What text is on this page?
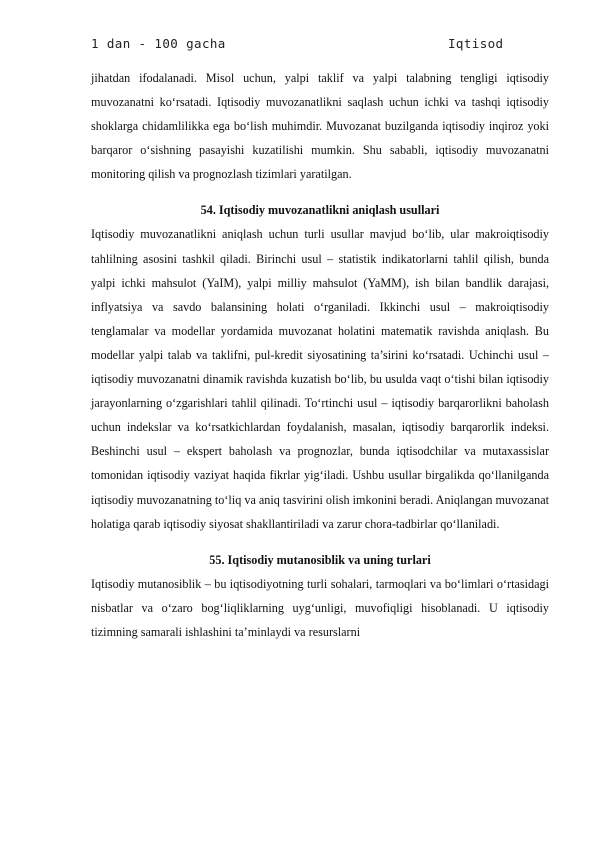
1 dan - 100 gacha	Iqtisod

jihatdan ifodalanadi. Misol uchun, yalpi taklif va yalpi talabning tengligi iqtisodiy muvozanatni ko‘rsatadi. Iqtisodiy muvozanatlikni saqlash uchun ichki va tashqi iqtisodiy shoklarga chidamlilikka ega bo‘lish muhimdir. Muvozanat buzilganda iqtisodiy inqiroz yoki barqaror o‘sishning pasayishi kuzatilishi mumkin. Shu sababli, iqtisodiy muvozanatni monitoring qilish va prognozlash tizimlari yaratilgan.

54. Iqtisodiy muvozanatlikni aniqlash usullari

Iqtisodiy muvozanatlikni aniqlash uchun turli usullar mavjud bo‘lib, ular makroiqtisodiy tahlilning asosini tashkil qiladi. Birinchi usul – statistik indikatorlarni tahlil qilish, bunda yalpi ichki mahsulot (YaIM), yalpi milliy mahsulot (YaMM), ish bilan bandlik darajasi, inflyatsiya va savdo balansining holati o‘rganiladi. Ikkinchi usul – makroiqtisodiy tenglamalar va modellar yordamida muvozanat holatini matematik ravishda aniqlash. Bu modellar yalpi talab va taklifni, pul-kredit siyosatining ta’sirini ko‘rsatadi. Uchinchi usul – iqtisodiy muvozanatni dinamik ravishda kuzatish bo‘lib, bu usulda vaqt o‘tishi bilan iqtisodiy jarayonlarning o‘zgarishlari tahlil qilinadi. To‘rtinchi usul – iqtisodiy barqarorlikni baholash uchun indekslar va ko‘rsatkichlardan foydalanish, masalan, iqtisodiy barqarorlik indeksi. Beshinchi usul – ekspert baholash va prognozlar, bunda iqtisodchilar va mutaxassislar tomonidan iqtisodiy vaziyat haqida fikrlar yig‘iladi. Ushbu usullar birgalikda qo‘llanilganda iqtisodiy muvozanatning to‘liq va aniq tasvirini olish imkonini beradi. Aniqlangan muvozanat holatiga qarab iqtisodiy siyosat shakllantiriladi va zarur chora-tadbirlar qo‘llaniladi.

55. Iqtisodiy mutanosiblik va uning turlari

Iqtisodiy mutanosiblik – bu iqtisodiyotning turli sohalari, tarmoqlari va bo‘limlari o‘rtasidagi nisbatlar va o‘zaro bog‘liqliklarning uyg‘unligi, muvofiqligi hisoblanadi. U iqtisodiy tizimning samarali ishlashini ta’minlaydi va resurslarni
